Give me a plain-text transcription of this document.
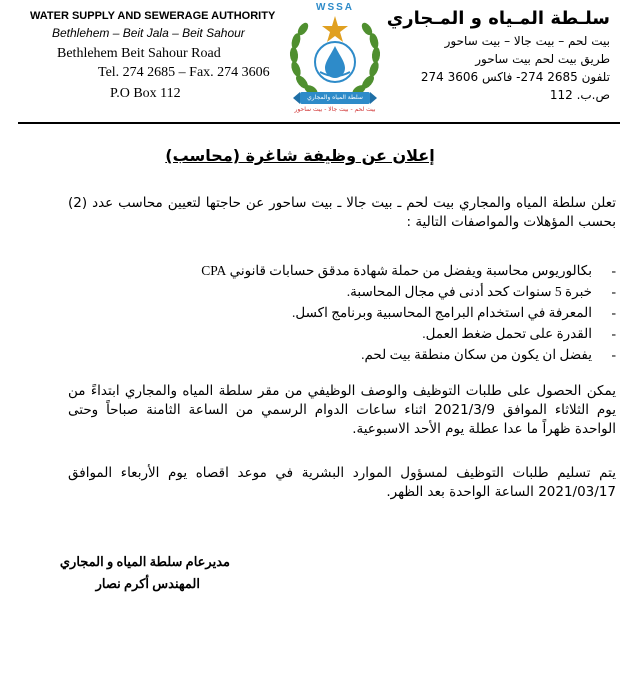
WATER SUPPLY AND SEWERAGE AUTHORITY
Bethlehem – Beit Jala – Beit Sahour
Bethlehem Beit Sahour Road
Tel. 274 2685 – Fax. 274 3606
P.O Box 112
WSSA
سلطة المياه والمجاري
بيت لحم - بيت جالا - بيت ساحور
سلـطة المـياه و المـجاري
بيت لحم – بيت جالا – بيت ساحور
طريق بيت لحم بيت ساحور
تلفون 2685 274- فاكس 3606 274
ص.ب. 112
إعلان عن وظيفة شاغرة (محاسب)
تعلن سلطة المياه والمجاري بيت لحم ـ بيت جالا ـ بيت ساحور عن حاجتها لتعيين محاسب عدد (2) بحسب المؤهلات والمواصفات التالية :
-
بكالوريوس محاسبة ويفضل من حملة شهادة مدقق حسابات قانوني CPA
-
خبرة 5 سنوات كحد أدنى في مجال المحاسبة.
-
المعرفة في استخدام البرامج المحاسبية وبرنامج اكسل.
-
القدرة على تحمل ضغط العمل.
-
يفضل ان يكون من سكان منطقة بيت لحم.
يمكن الحصول على طلبات التوظيف والوصف الوظيفي من مقر سلطة المياه والمجاري ابتداءً من يوم الثلاثاء الموافق 2021/3/9 اثناء ساعات الدوام الرسمي من الساعة الثامنة صباحاً وحتى الواحدة ظهراً ما عدا عطلة يوم الأحد الاسبوعية.
يتم تسليم طلبات التوظيف لمسؤول الموارد البشرية في موعد اقصاه يوم الأربعاء الموافق 2021/03/17 الساعة الواحدة بعد الظهر.
مديرعام سلطة المياه و المجاري
المهندس أكرم نصار
